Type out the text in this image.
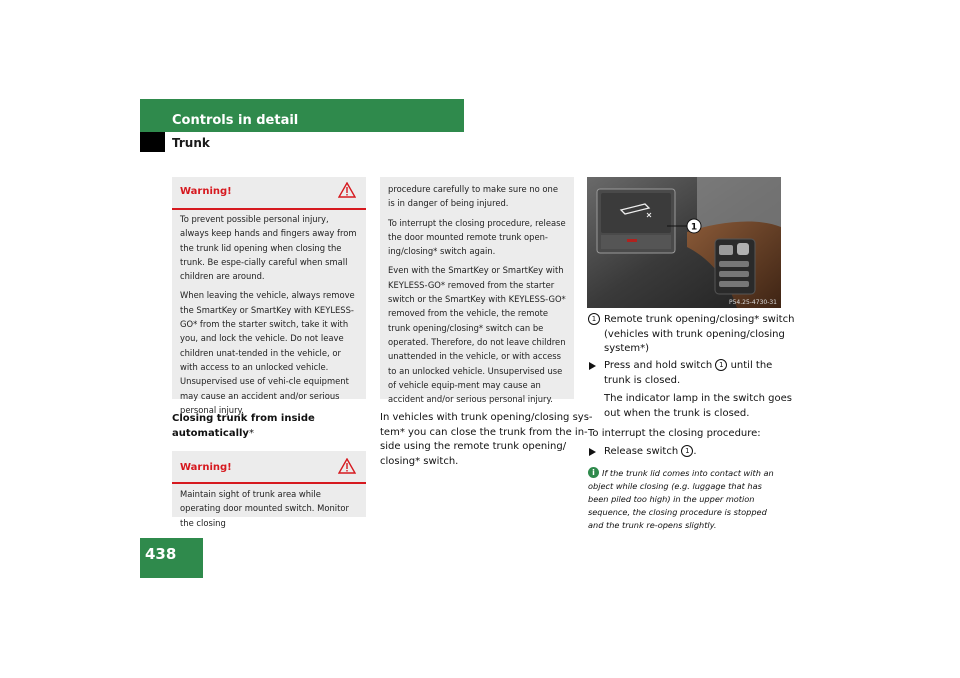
Controls in detail
Trunk
438
Warning!

To prevent possible personal injury, always keep hands and fingers away from the trunk lid opening when closing the trunk. Be espe-cially careful when small children are around.

When leaving the vehicle, always remove the SmartKey or SmartKey with KEYLESS-GO* from the starter switch, take it with you, and lock the vehicle. Do not leave children unat-tended in the vehicle, or with access to an unlocked vehicle. Unsupervised use of vehi-cle equipment may cause an accident and/or serious personal injury.

Closing trunk from inside
automatically*
Warning!

Maintain sight of trunk area while operating door mounted switch. Monitor the closing

procedure carefully to make sure no one is in danger of being injured.

To interrupt the closing procedure, release the door mounted remote trunk open-ing/closing* switch again.

Even with the SmartKey or SmartKey with KEYLESS-GO* removed from the starter switch or the SmartKey with KEYLESS-GO* removed from the vehicle, the remote trunk opening/closing* switch can be operated. Therefore, do not leave children unattended in the vehicle, or with access to an unlocked vehicle. Unsupervised use of vehicle equip-ment may cause an accident and/or serious personal injury.

In vehicles with trunk opening/closing sys-
tem* you can close the trunk from the in-
side using the remote trunk opening/
closing* switch.
1
P54.25-4730-31
1 Remote trunk opening/closing* switch
(vehicles with trunk opening/closing
system*)
Press and hold switch 1 until the
trunk is closed.
The indicator lamp in the switch goes
out when the trunk is closed.
To interrupt the closing procedure:
Release switch 1 .
If the trunk lid comes into contact with an object while closing (e.g. luggage that has been piled too high) in the upper motion sequence, the closing procedure is stopped and the trunk re-opens slightly.
i
